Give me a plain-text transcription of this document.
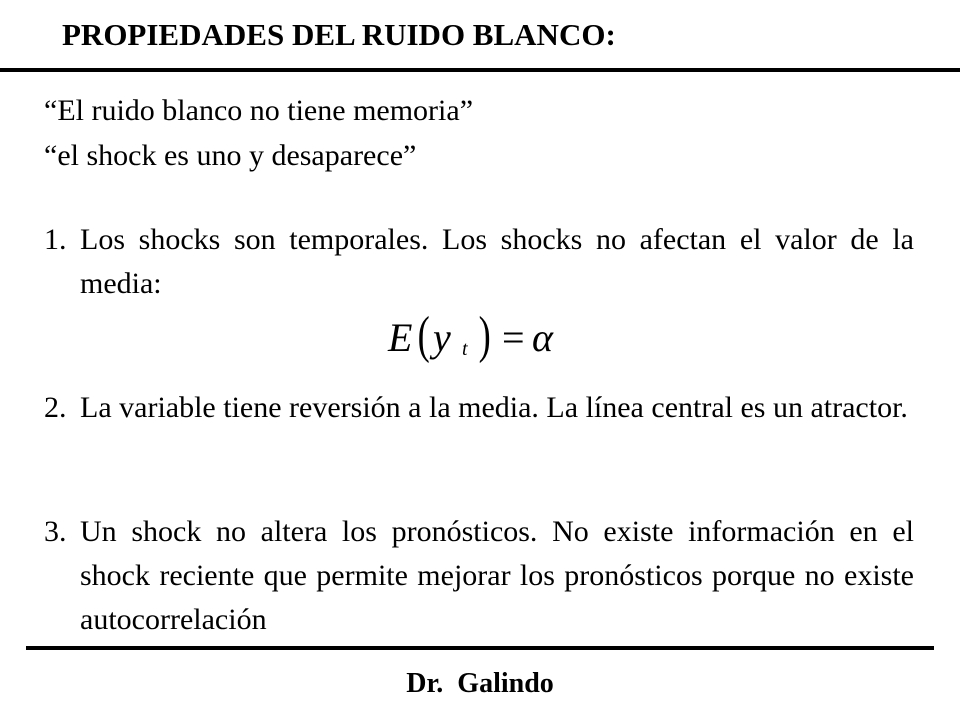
PROPIEDADES DEL RUIDO BLANCO:
“El ruido blanco no tiene memoria”
“el shock es uno y desaparece”
1. Los shocks son temporales. Los shocks no afectan el valor de la media:
E ( y t ) = α
2. La variable tiene reversión a la media. La línea central es un atractor.
3. Un shock no altera los pronósticos. No existe información en el shock reciente que permite mejorar los pronósticos porque no existe autocorrelación
Dr.  Galindo
